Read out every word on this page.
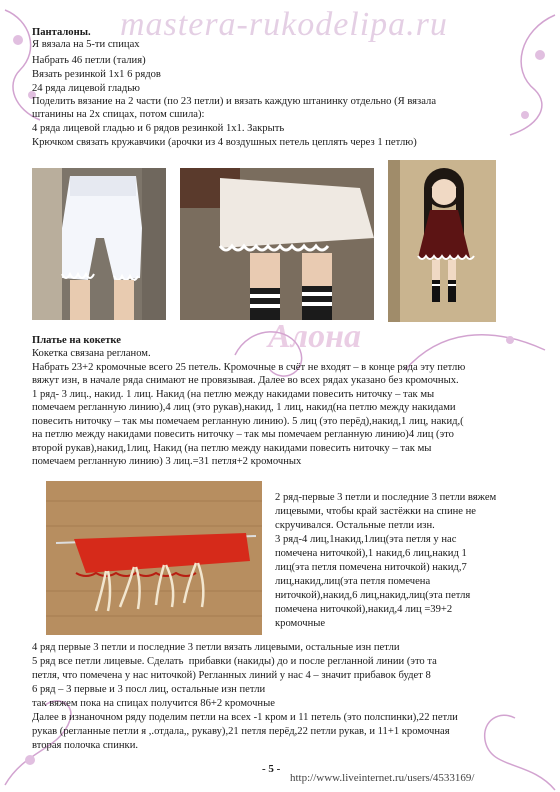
mastera-rukodelipa.ru
Панталоны.
Я вязала на 5-ти спицах
Набрать 46 петли (талия)
Вязать резинкой 1х1 6 рядов
24 ряда лицевой гладью
Поделить вязание на 2 части (по 23 петли) и вязать каждую штанинку отдельно (Я вязала
штанины на 2х спицах, потом сшила):
4 ряда лицевой гладью и 6 рядов резинкой 1х1. Закрыть
Крючком связать кружавчики (арочки из 4 воздушных петель цеплять через 1 петлю)
Алона
Платье на кокетке
Кокетка связана регланом.
Набрать 23+2 кромочные всего 25 петель. Кромочные в счёт не входят – в конце ряда эту петлю
вяжут изн, в начале ряда снимают не провязывая. Далее во всех рядах указано без кромочных.
1 ряд- 3 лиц., накид. 1 лиц. Накид (на петлю между накидами повесить ниточку – так мы
помечаем регланную линию),4 лиц (это рукав),накид, 1 лиц, накид(на петлю между накидами
повесить ниточку – так мы помечаем регланную линию). 5 лиц (это перёд),накид,1 лиц, накид,(
на петлю между накидами повесить ниточку – так мы помечаем регланную линию)4 лиц (это
второй рукав),накид,1лиц, Накид (на петлю между накидами повесить ниточку – так мы
помечаем регланную линию) 3 лиц.=31 петля+2 кромочных
2 ряд-первые 3 петли и последние 3 петли вяжем
лицевыми, чтобы край застёжки на спине не
скручивался. Остальные петли изн.
3 ряд-4 лиц,1накид,1лиц(эта петля у нас
помечена ниточкой),1 накид,6 лиц,накид 1
лиц(эта петля помечена ниточкой) накид,7
лиц,накид,лиц(эта петля помечена
ниточкой),накид,6 лиц,накид,лиц(эта петля
помечена ниточкой),накид,4 лиц =39+2
кромочные
4 ряд первые 3 петли и последние 3 петли вязать лицевыми, остальные изн петли
5 ряд все петли лицевые. Сделать  прибавки (накиды) до и после регланной линии (это та
петля, что помечена у нас ниточкой) Регланных линий у нас 4 – значит прибавок будет 8
6 ряд – 3 первые и 3 посл лиц, остальные изн петли
так вяжем пока на спицах получится 86+2 кромочные
Далее в изнаночном ряду поделим петли на всех -1 кром и 11 петель (это полспинки),22 петли
рукав (регланные петли я ,.отдала,, рукаву),21 петля перёд,22 петли рукав, и 11+1 кромочная
вторая полочка спинки.
- 5 -
http://www.liveinternet.ru/users/4533169/
